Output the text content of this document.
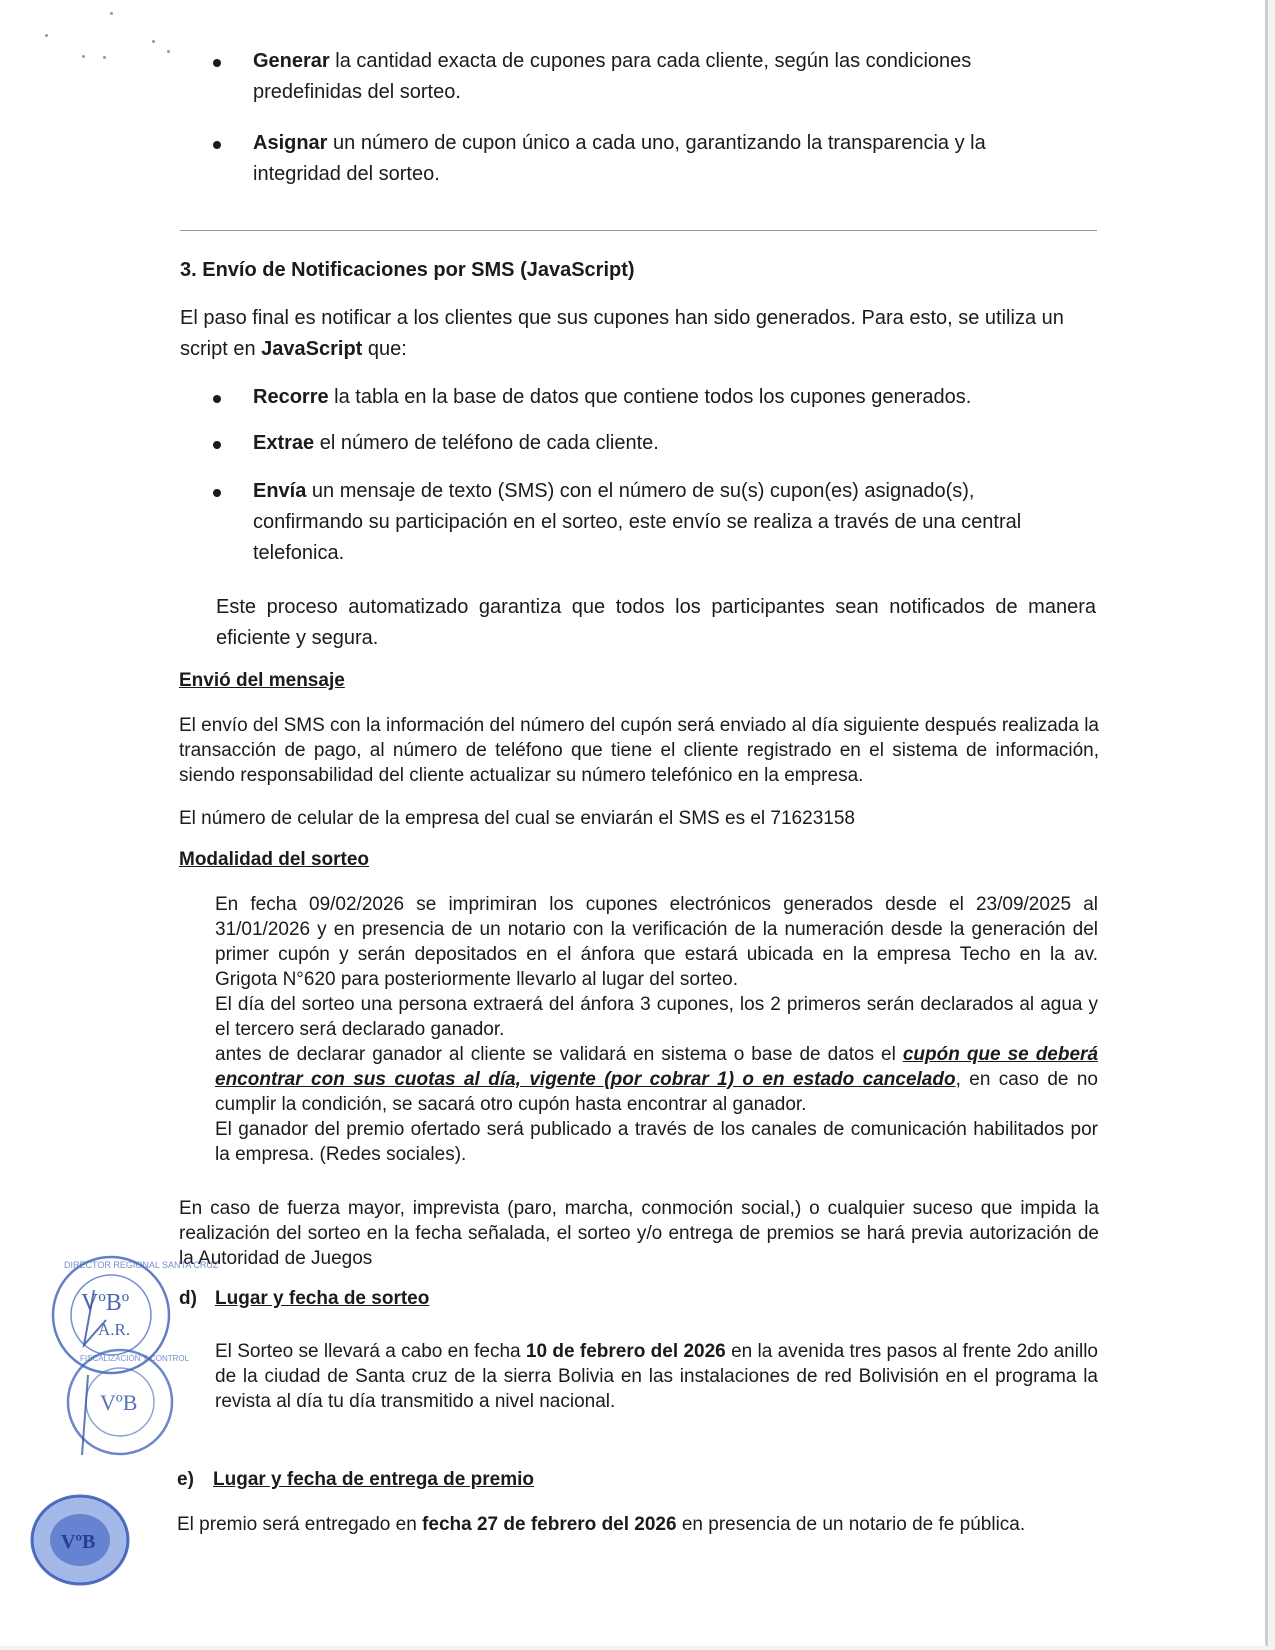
Generar la cantidad exacta de cupones para cada cliente, según las condiciones predefinidas del sorteo.
Asignar un número de cupon único a cada uno, garantizando la transparencia y la integridad del sorteo.
3. Envío de Notificaciones por SMS (JavaScript)
El paso final es notificar a los clientes que sus cupones han sido generados. Para esto, se utiliza un script en JavaScript que:
Recorre la tabla en la base de datos que contiene todos los cupones generados.
Extrae el número de teléfono de cada cliente.
Envía un mensaje de texto (SMS) con el número de su(s) cupon(es) asignado(s), confirmando su participación en el sorteo, este envío se realiza a través de una central telefonica.
Este proceso automatizado garantiza que todos los participantes sean notificados de manera eficiente y segura.
Envió del mensaje
El envío del SMS con la información del número del cupón será enviado al día siguiente después realizada la transacción de pago, al número de teléfono que tiene el cliente registrado en el sistema de información, siendo responsabilidad del cliente actualizar su número telefónico en la empresa.
El número de celular de la empresa del cual se enviarán el SMS es el 71623158
Modalidad del sorteo
En fecha 09/02/2026 se imprimiran los cupones electrónicos generados desde el 23/09/2025 al 31/01/2026 y en presencia de un notario con la verificación de la numeración desde la generación del primer cupón y serán depositados en el ánfora que estará ubicada en la empresa Techo en la av. Grigota N°620 para posteriormente llevarlo al lugar del sorteo.
El día del sorteo una persona extraerá del ánfora 3 cupones, los 2 primeros serán declarados al agua y el tercero será declarado ganador.
antes de declarar ganador al cliente se validará en sistema o base de datos el cupón que se deberá encontrar con sus cuotas al día, vigente (por cobrar 1) o en estado cancelado, en caso de no cumplir la condición, se sacará otro cupón hasta encontrar al ganador.
El ganador del premio ofertado será publicado a través de los canales de comunicación habilitados por la empresa. (Redes sociales).
En caso de fuerza mayor, imprevista (paro, marcha, conmoción social,) o cualquier suceso que impida la realización del sorteo en la fecha señalada, el sorteo y/o entrega de premios se hará previa autorización de la Autoridad de Juegos
d) Lugar y fecha de sorteo
El Sorteo se llevará a cabo en fecha 10 de febrero del 2026 en la avenida tres pasos al frente 2do anillo de la ciudad de Santa cruz de la sierra Bolivia en las instalaciones de red Bolivisión en el programa la revista al día tu día transmitido a nivel nacional.
e) Lugar y fecha de entrega de premio
El premio será entregado en fecha 27 de febrero del 2026 en presencia de un notario de fe pública.
VºBº
A.R.
DIRECTOR REGIONAL SANTA CRUZ
VºB
FISCALIZACIÓN Y CONTROL
VºB
